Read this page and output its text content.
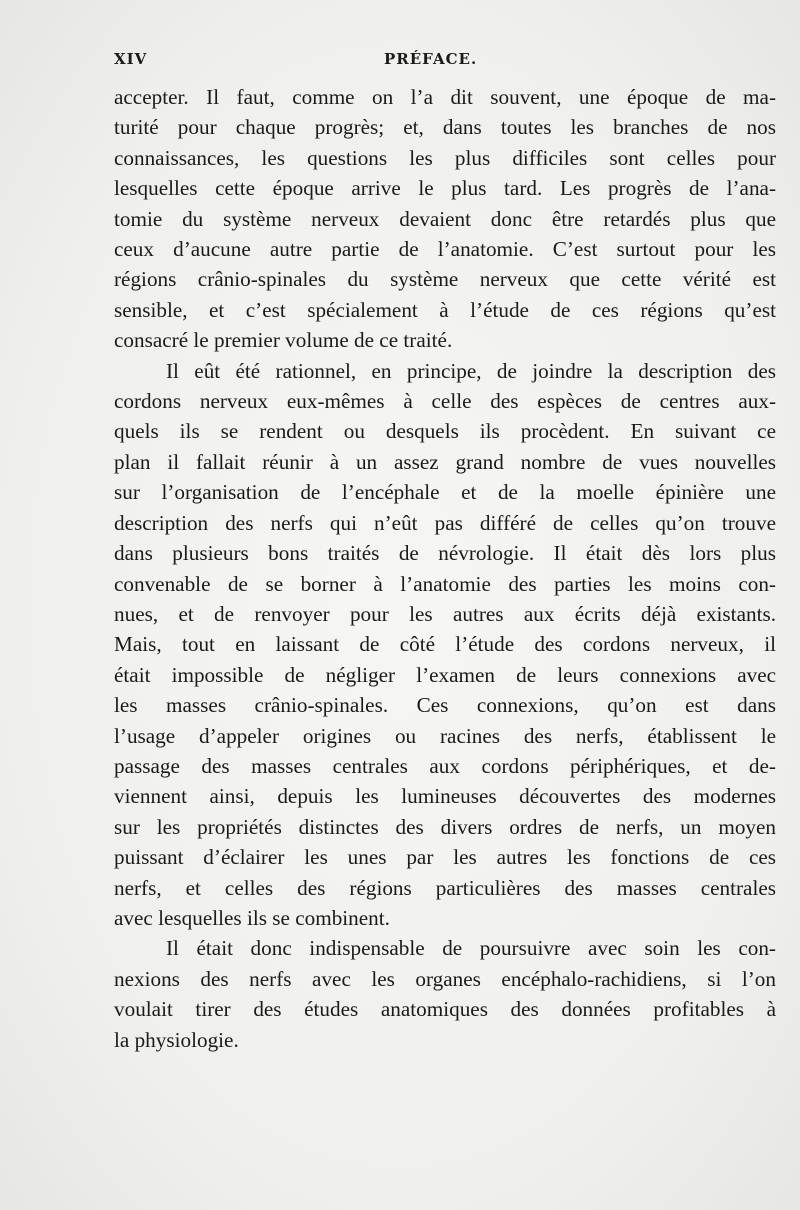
XIV	PRÉFACE.
accepter. Il faut, comme on l’a dit souvent, une époque de ma-
turité pour chaque progrès; et, dans toutes les branches de nos
connaissances, les questions les plus difficiles sont celles pour
lesquelles cette époque arrive le plus tard. Les progrès de l’ana-
tomie du système nerveux devaient donc être retardés plus que
ceux d’aucune autre partie de l’anatomie. C’est surtout pour les
régions crânio-spinales du système nerveux que cette vérité est
sensible, et c’est spécialement à l’étude de ces régions qu’est
consacré le premier volume de ce traité.
Il eût été rationnel, en principe, de joindre la description des
cordons nerveux eux-mêmes à celle des espèces de centres aux-
quels ils se rendent ou desquels ils procèdent. En suivant ce
plan il fallait réunir à un assez grand nombre de vues nouvelles
sur l’organisation de l’encéphale et de la moelle épinière une
description des nerfs qui n’eût pas différé de celles qu’on trouve
dans plusieurs bons traités de névrologie. Il était dès lors plus
convenable de se borner à l’anatomie des parties les moins con-
nues, et de renvoyer pour les autres aux écrits déjà existants.
Mais, tout en laissant de côté l’étude des cordons nerveux, il
était impossible de négliger l’examen de leurs connexions avec
les masses crânio-spinales. Ces connexions, qu’on est dans
l’usage d’appeler origines ou racines des nerfs, établissent le
passage des masses centrales aux cordons périphériques, et de-
viennent ainsi, depuis les lumineuses découvertes des modernes
sur les propriétés distinctes des divers ordres de nerfs, un moyen
puissant d’éclairer les unes par les autres les fonctions de ces
nerfs, et celles des régions particulières des masses centrales
avec lesquelles ils se combinent.
Il était donc indispensable de poursuivre avec soin les con-
nexions des nerfs avec les organes encéphalo-rachidiens, si l’on
voulait tirer des études anatomiques des données profitables à
la physiologie.
